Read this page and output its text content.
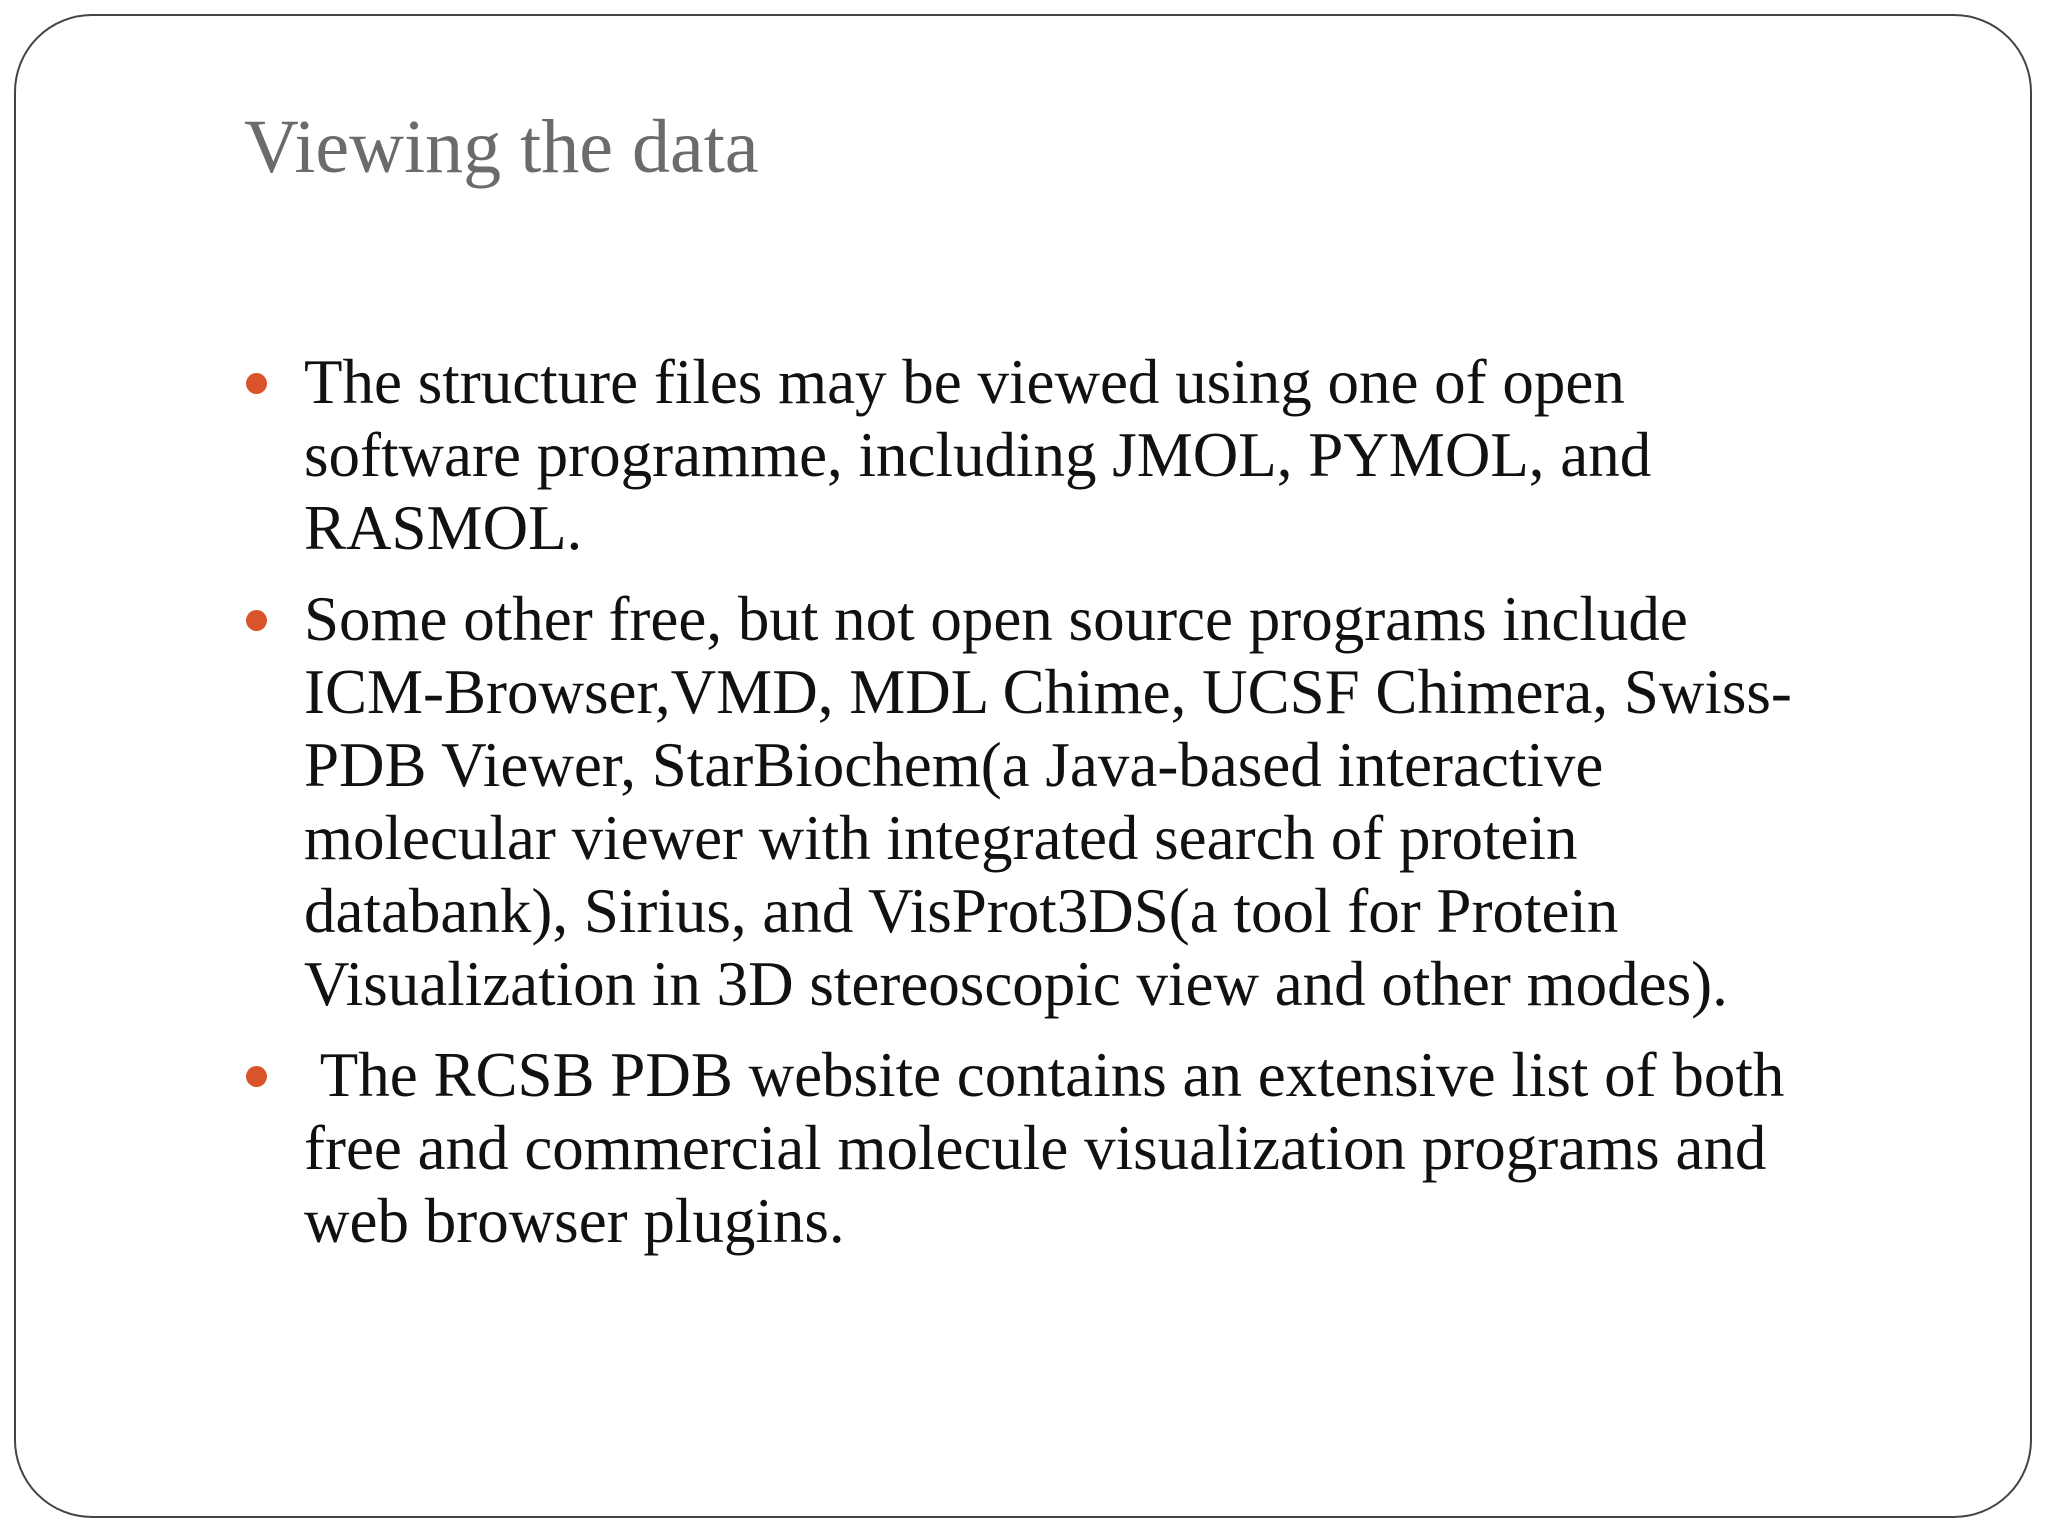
Viewing the data
The structure files may be viewed using one of open
software programme, including JMOL, PYMOL, and
RASMOL.
Some other free, but not open source programs include
ICM-Browser,VMD, MDL Chime, UCSF Chimera, Swiss-
PDB Viewer, StarBiochem(a Java-based interactive
molecular viewer with integrated search of protein
databank), Sirius, and VisProt3DS(a tool for Protein
Visualization in 3D stereoscopic view and other modes).
The RCSB PDB website contains an extensive list of both
free and commercial molecule visualization programs and
web browser plugins.
